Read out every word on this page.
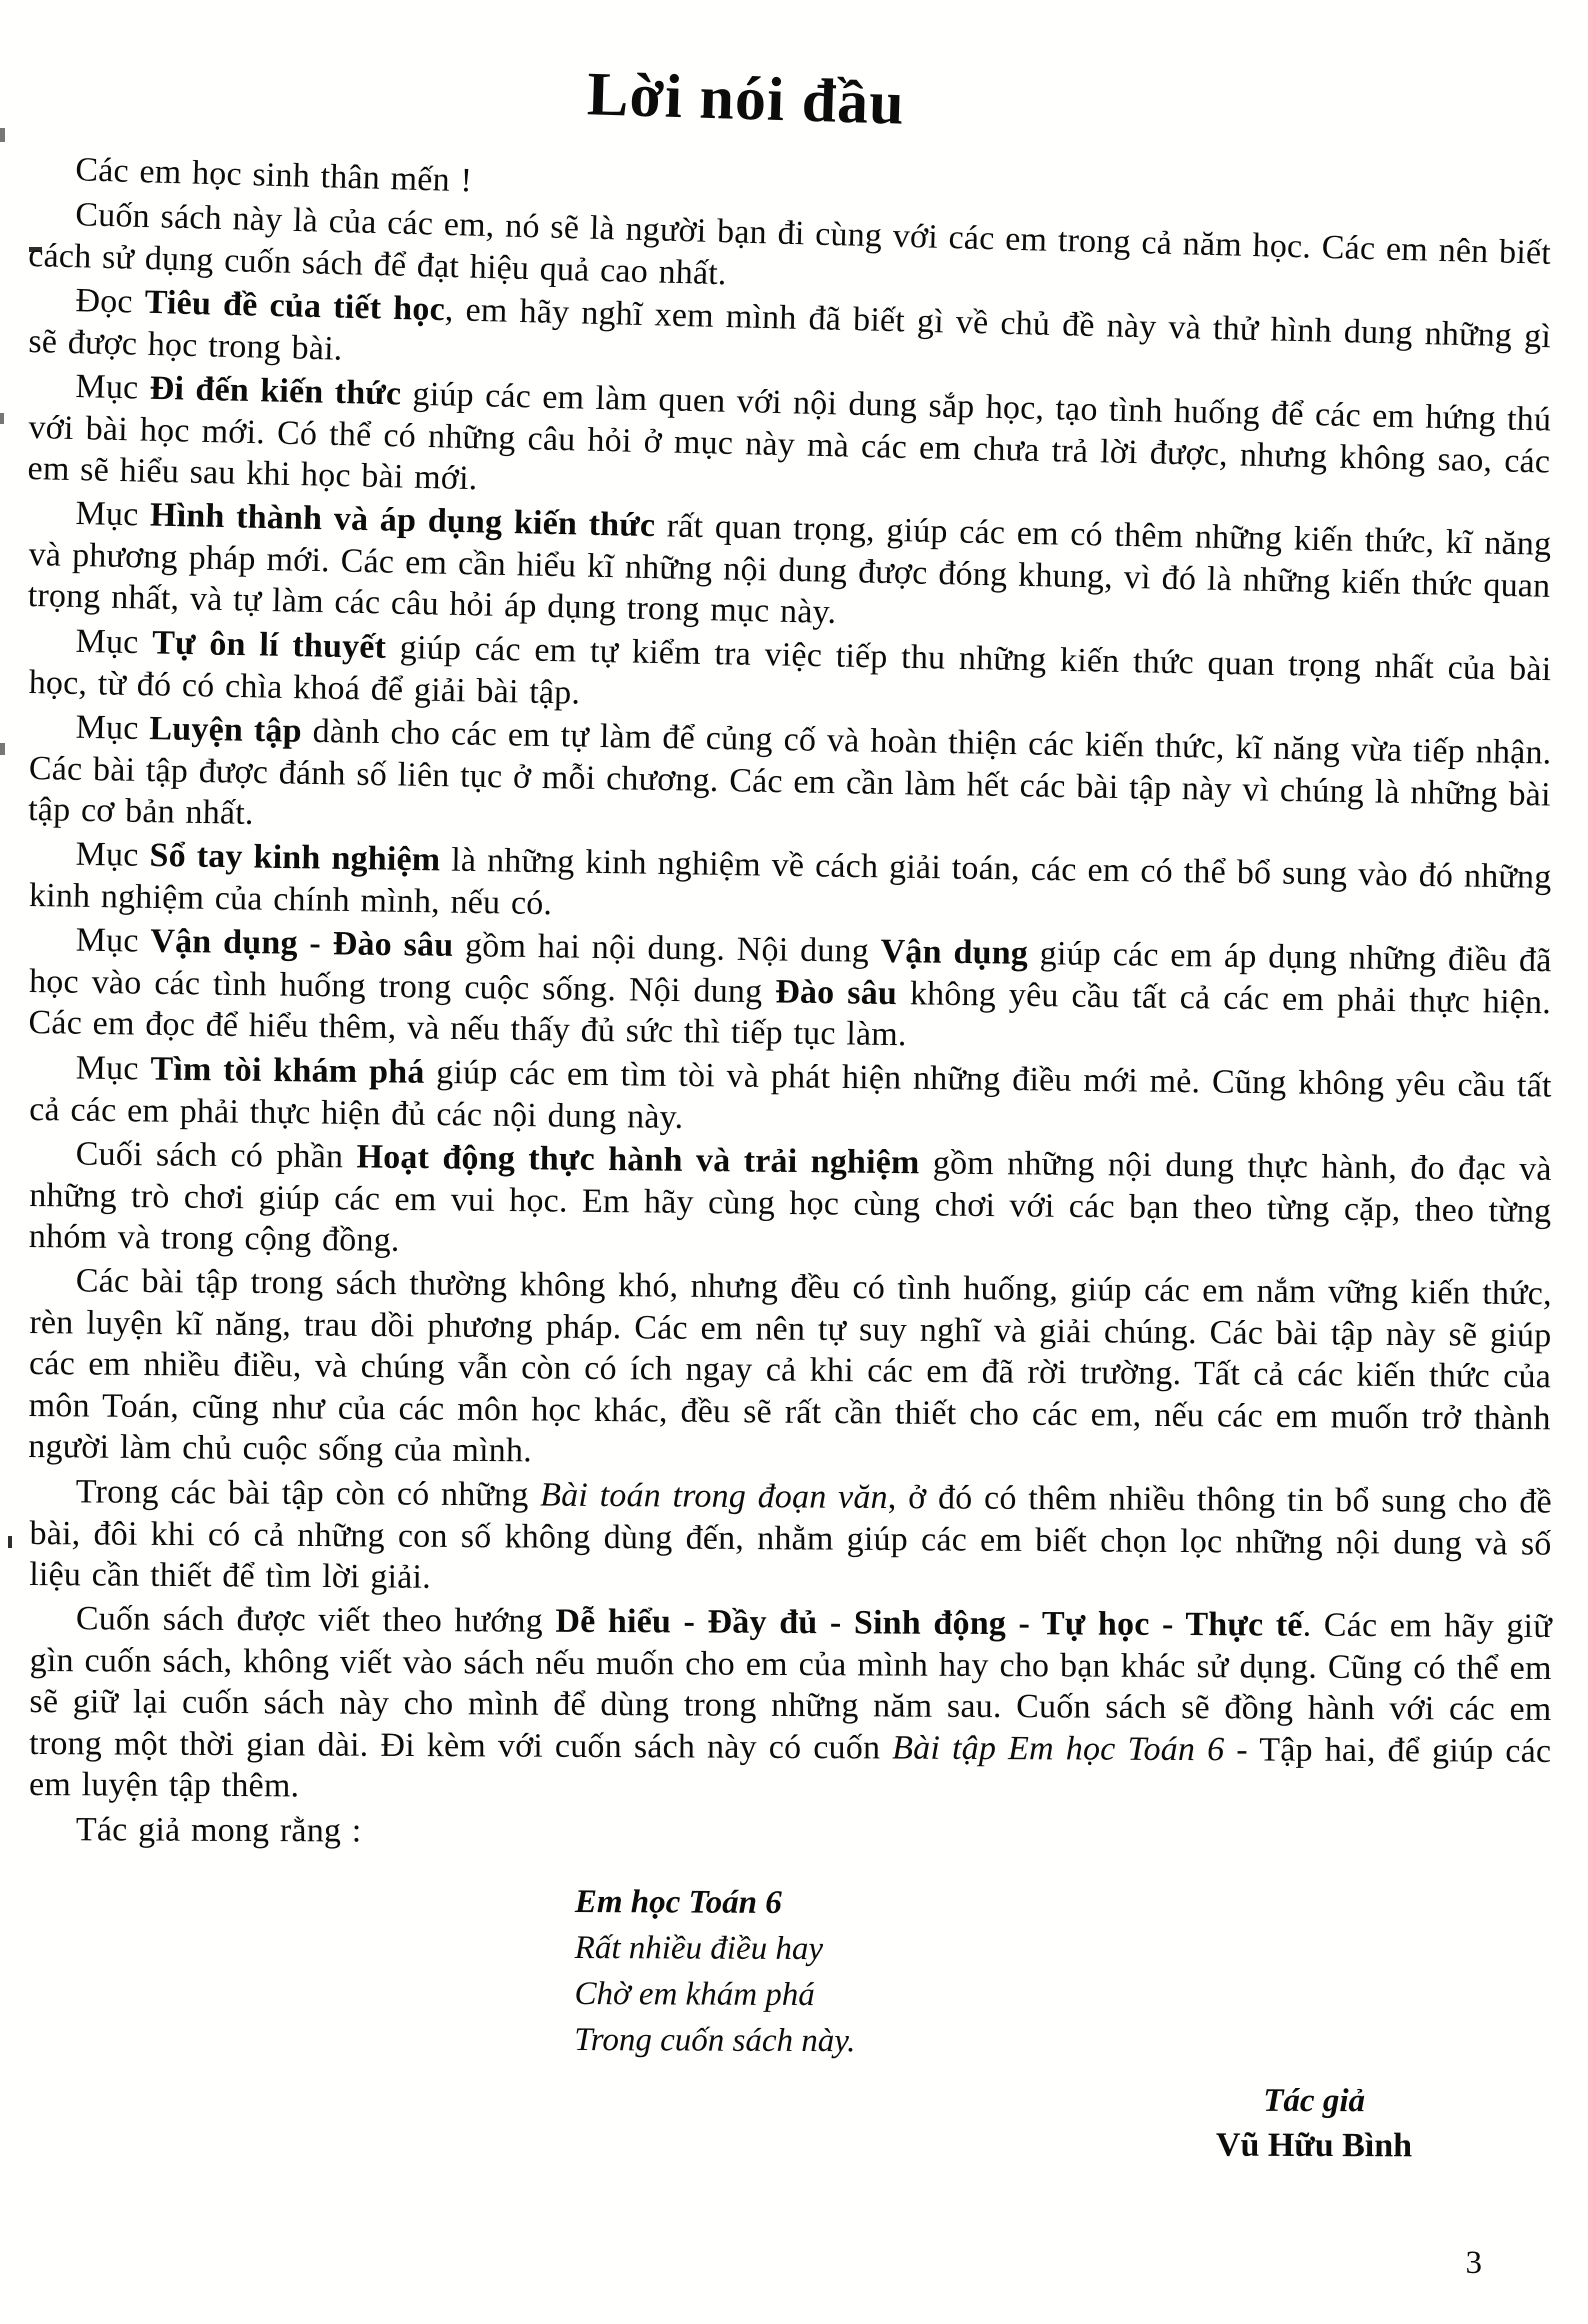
Lời nói đầu

Các em học sinh thân mến !

Cuốn sách này là của các em, nó sẽ là người bạn đi cùng với các em trong cả năm học. Các em nên biết cách sử dụng cuốn sách để đạt hiệu quả cao nhất.

Đọc Tiêu đề của tiết học, em hãy nghĩ xem mình đã biết gì về chủ đề này và thử hình dung những gì sẽ được học trong bài.

Mục Đi đến kiến thức giúp các em làm quen với nội dung sắp học, tạo tình huống để các em hứng thú với bài học mới. Có thể có những câu hỏi ở mục này mà các em chưa trả lời được, nhưng không sao, các em sẽ hiểu sau khi học bài mới.

Mục Hình thành và áp dụng kiến thức rất quan trọng, giúp các em có thêm những kiến thức, kĩ năng và phương pháp mới. Các em cần hiểu kĩ những nội dung được đóng khung, vì đó là những kiến thức quan trọng nhất, và tự làm các câu hỏi áp dụng trong mục này.

Mục Tự ôn lí thuyết giúp các em tự kiểm tra việc tiếp thu những kiến thức quan trọng nhất của bài học, từ đó có chìa khoá để giải bài tập.

Mục Luyện tập dành cho các em tự làm để củng cố và hoàn thiện các kiến thức, kĩ năng vừa tiếp nhận. Các bài tập được đánh số liên tục ở mỗi chương. Các em cần làm hết các bài tập này vì chúng là những bài tập cơ bản nhất.

Mục Sổ tay kinh nghiệm là những kinh nghiệm về cách giải toán, các em có thể bổ sung vào đó những kinh nghiệm của chính mình, nếu có.

Mục Vận dụng - Đào sâu gồm hai nội dung. Nội dung Vận dụng giúp các em áp dụng những điều đã học vào các tình huống trong cuộc sống. Nội dung Đào sâu không yêu cầu tất cả các em phải thực hiện. Các em đọc để hiểu thêm, và nếu thấy đủ sức thì tiếp tục làm.

Mục Tìm tòi khám phá giúp các em tìm tòi và phát hiện những điều mới mẻ. Cũng không yêu cầu tất cả các em phải thực hiện đủ các nội dung này.

Cuối sách có phần Hoạt động thực hành và trải nghiệm gồm những nội dung thực hành, đo đạc và những trò chơi giúp các em vui học. Em hãy cùng học cùng chơi với các bạn theo từng cặp, theo từng nhóm và trong cộng đồng.

Các bài tập trong sách thường không khó, nhưng đều có tình huống, giúp các em nắm vững kiến thức, rèn luyện kĩ năng, trau dồi phương pháp. Các em nên tự suy nghĩ và giải chúng. Các bài tập này sẽ giúp các em nhiều điều, và chúng vẫn còn có ích ngay cả khi các em đã rời trường. Tất cả các kiến thức của môn Toán, cũng như của các môn học khác, đều sẽ rất cần thiết cho các em, nếu các em muốn trở thành người làm chủ cuộc sống của mình.

Trong các bài tập còn có những Bài toán trong đoạn văn, ở đó có thêm nhiều thông tin bổ sung cho đề bài, đôi khi có cả những con số không dùng đến, nhằm giúp các em biết chọn lọc những nội dung và số liệu cần thiết để tìm lời giải.

Cuốn sách được viết theo hướng Dễ hiểu - Đầy đủ - Sinh động - Tự học - Thực tế. Các em hãy giữ gìn cuốn sách, không viết vào sách nếu muốn cho em của mình hay cho bạn khác sử dụng. Cũng có thể em sẽ giữ lại cuốn sách này cho mình để dùng trong những năm sau. Cuốn sách sẽ đồng hành với các em trong một thời gian dài. Đi kèm với cuốn sách này có cuốn Bài tập Em học Toán 6 - Tập hai, để giúp các em luyện tập thêm.

Tác giả mong rằng :

Em học Toán 6
Rất nhiều điều hay
Chờ em khám phá
Trong cuốn sách này.
Tác giả
Vũ Hữu Bình
3
